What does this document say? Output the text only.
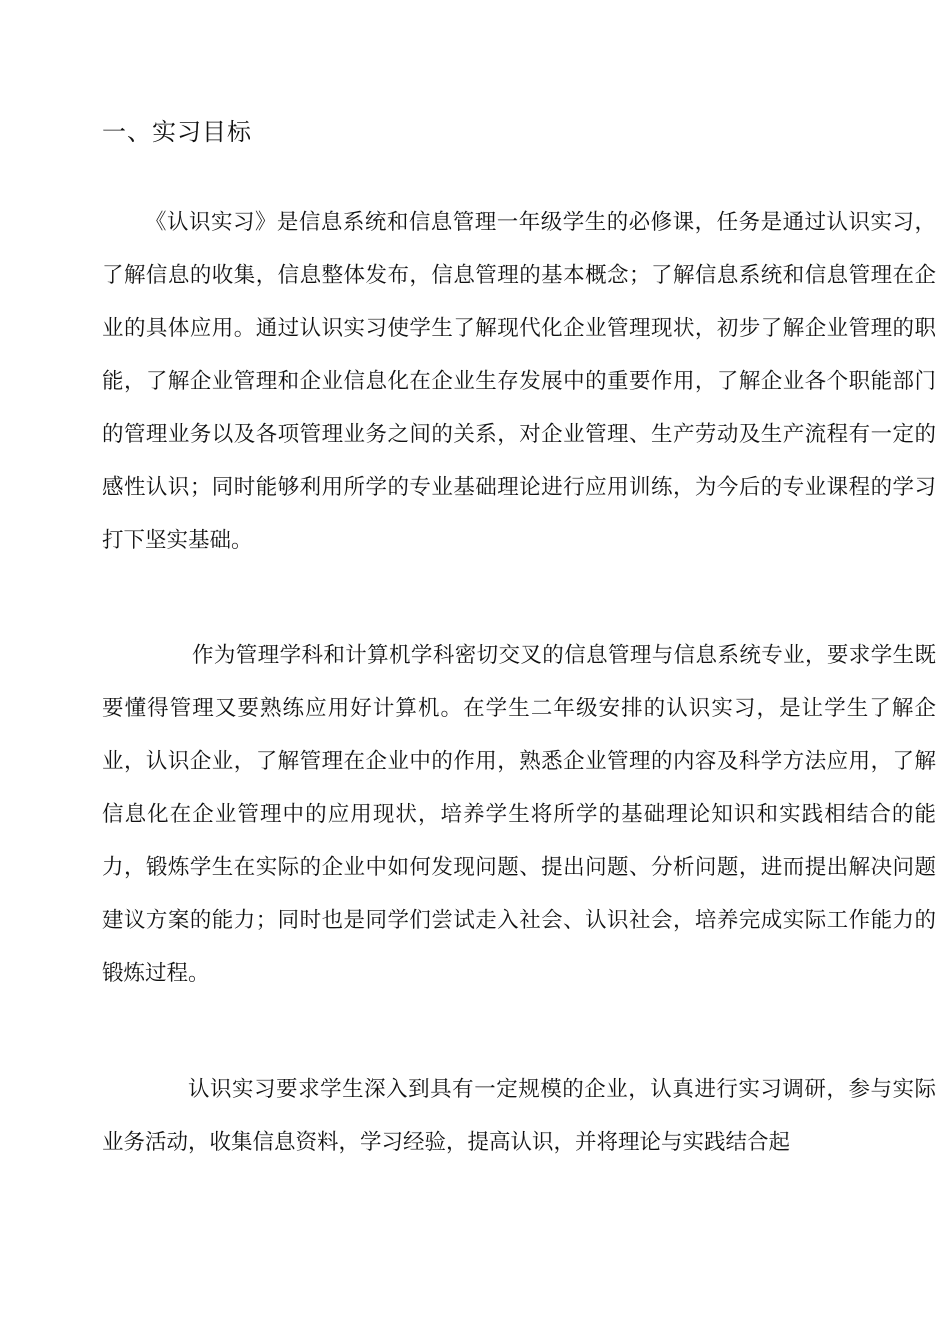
一、实习目标

《认识实习》是信息系统和信息管理一年级学生的必修课，任务是通过认识实习，了解信息的收集，信息整体发布，信息管理的基本概念；了解信息系统和信息管理在企业的具体应用。通过认识实习使学生了解现代化企业管理现状，初步了解企业管理的职能，了解企业管理和企业信息化在企业生存发展中的重要作用，了解企业各个职能部门的管理业务以及各项管理业务之间的关系，对企业管理、生产劳动及生产流程有一定的感性认识；同时能够利用所学的专业基础理论进行应用训练，为今后的专业课程的学习打下坚实基础。

作为管理学科和计算机学科密切交叉的信息管理与信息系统专业，要求学生既要懂得管理又要熟练应用好计算机。在学生二年级安排的认识实习，是让学生了解企业，认识企业，了解管理在企业中的作用，熟悉企业管理的内容及科学方法应用，了解信息化在企业管理中的应用现状，培养学生将所学的基础理论知识和实践相结合的能力，锻炼学生在实际的企业中如何发现问题、提出问题、分析问题，进而提出解决问题建议方案的能力；同时也是同学们尝试走入社会、认识社会，培养完成实际工作能力的锻炼过程。

认识实习要求学生深入到具有一定规模的企业，认真进行实习调研，参与实际业务活动，收集信息资料，学习经验，提高认识，并将理论与实践结合起
